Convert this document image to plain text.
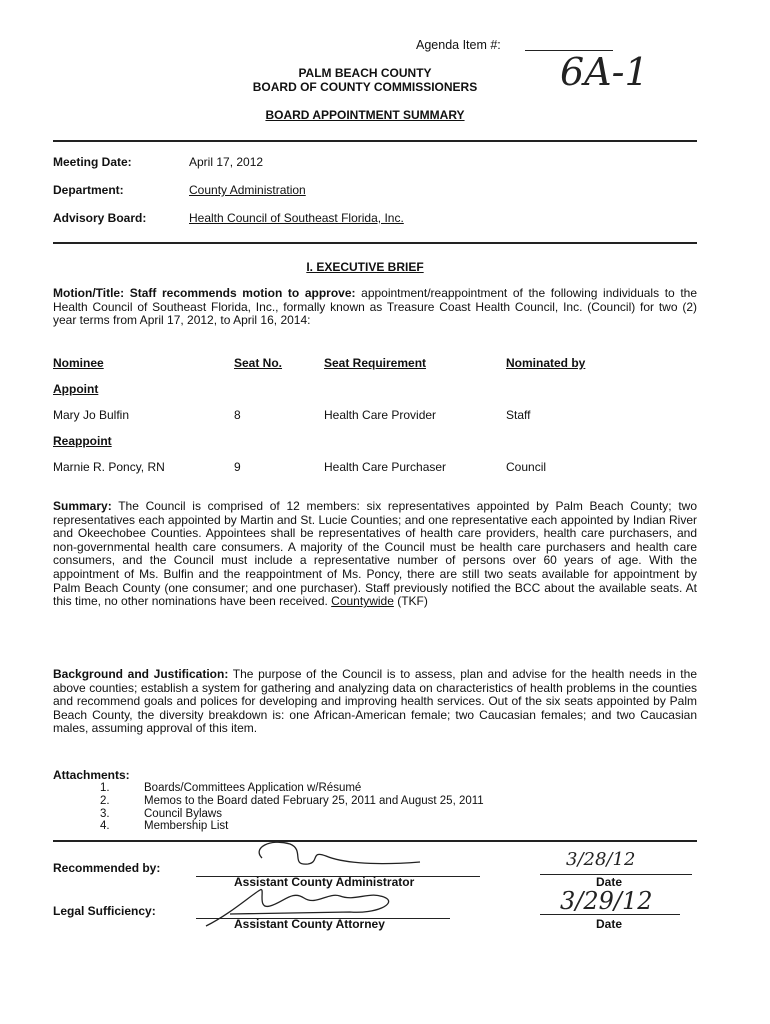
Agenda Item #:
6A-1
PALM BEACH COUNTY
BOARD OF COUNTY COMMISSIONERS
BOARD APPOINTMENT SUMMARY
Meeting Date:	April 17, 2012
Department:	County Administration
Advisory Board:	Health Council of Southeast Florida, Inc.
I. EXECUTIVE BRIEF
Motion/Title: Staff recommends motion to approve: appointment/reappointment of the following individuals to the Health Council of Southeast Florida, Inc., formally known as Treasure Coast Health Council, Inc. (Council) for two (2) year terms from April 17, 2012, to April 16, 2014:
Nominee	Seat No.	Seat Requirement	Nominated by
Appoint
Mary Jo Bulfin	8	Health Care Provider	Staff
Reappoint
Marnie R. Poncy, RN	9	Health Care Purchaser	Council
Summary: The Council is comprised of 12 members: six representatives appointed by Palm Beach County; two representatives each appointed by Martin and St. Lucie Counties; and one representative each appointed by Indian River and Okeechobee Counties. Appointees shall be representatives of health care providers, health care purchasers, and non-governmental health care consumers. A majority of the Council must be health care purchasers and health care consumers, and the Council must include a representative number of persons over 60 years of age. With the appointment of Ms. Bulfin and the reappointment of Ms. Poncy, there are still two seats available for appointment by Palm Beach County (one consumer; and one purchaser). Staff previously notified the BCC about the available seats. At this time, no other nominations have been received. Countywide (TKF)
Background and Justification: The purpose of the Council is to assess, plan and advise for the health needs in the above counties; establish a system for gathering and analyzing data on characteristics of health problems in the counties and recommend goals and polices for developing and improving health services. Out of the six seats appointed by Palm Beach County, the diversity breakdown is: one African-American female; two Caucasian females; and two Caucasian males, assuming approval of this item.
Attachments:
1.	Boards/Committees Application w/Résumé
2.	Memos to the Board dated February 25, 2011 and August 25, 2011
3.	Council Bylaws
4.	Membership List
Recommended by:
Assistant County Administrator
3/28/12
Date
Legal Sufficiency:
Assistant County Attorney
3/29/12
Date
